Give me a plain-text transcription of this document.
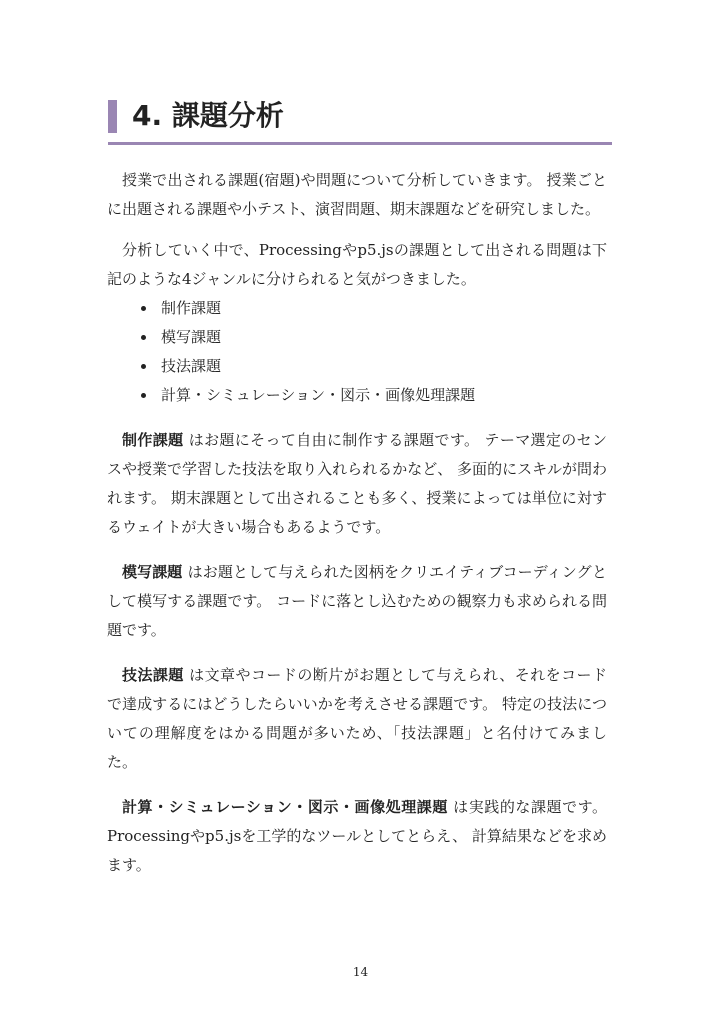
4. 課題分析

授業で出される課題(宿題)や問題について分析していきます。 授業ごとに出題される課題や小テスト、演習問題、期末課題などを研究しました。

分析していく中で、Processingやp5.jsの課題として出される問題は下記のような4ジャンルに分けられると気がつきました。

制作課題
模写課題
技法課題
計算・シミュレーション・図示・画像処理課題

制作課題 はお題にそって自由に制作する課題です。 テーマ選定のセンスや授業で学習した技法を取り入れられるかなど、 多面的にスキルが問われます。 期末課題として出されることも多く、授業によっては単位に対するウェイトが大きい場合もあるようです。

模写課題 はお題として与えられた図柄をクリエイティブコーディングとして模写する課題です。 コードに落とし込むための観察力も求められる問題です。

技法課題 は文章やコードの断片がお題として与えられ、それをコードで達成するにはどうしたらいいかを考えさせる課題です。 特定の技法についての理解度をはかる問題が多いため、「技法課題」と名付けてみました。

計算・シミュレーション・図示・画像処理課題 は実践的な課題です。 Processingやp5.jsを工学的なツールとしてとらえ、 計算結果などを求めます。

14
